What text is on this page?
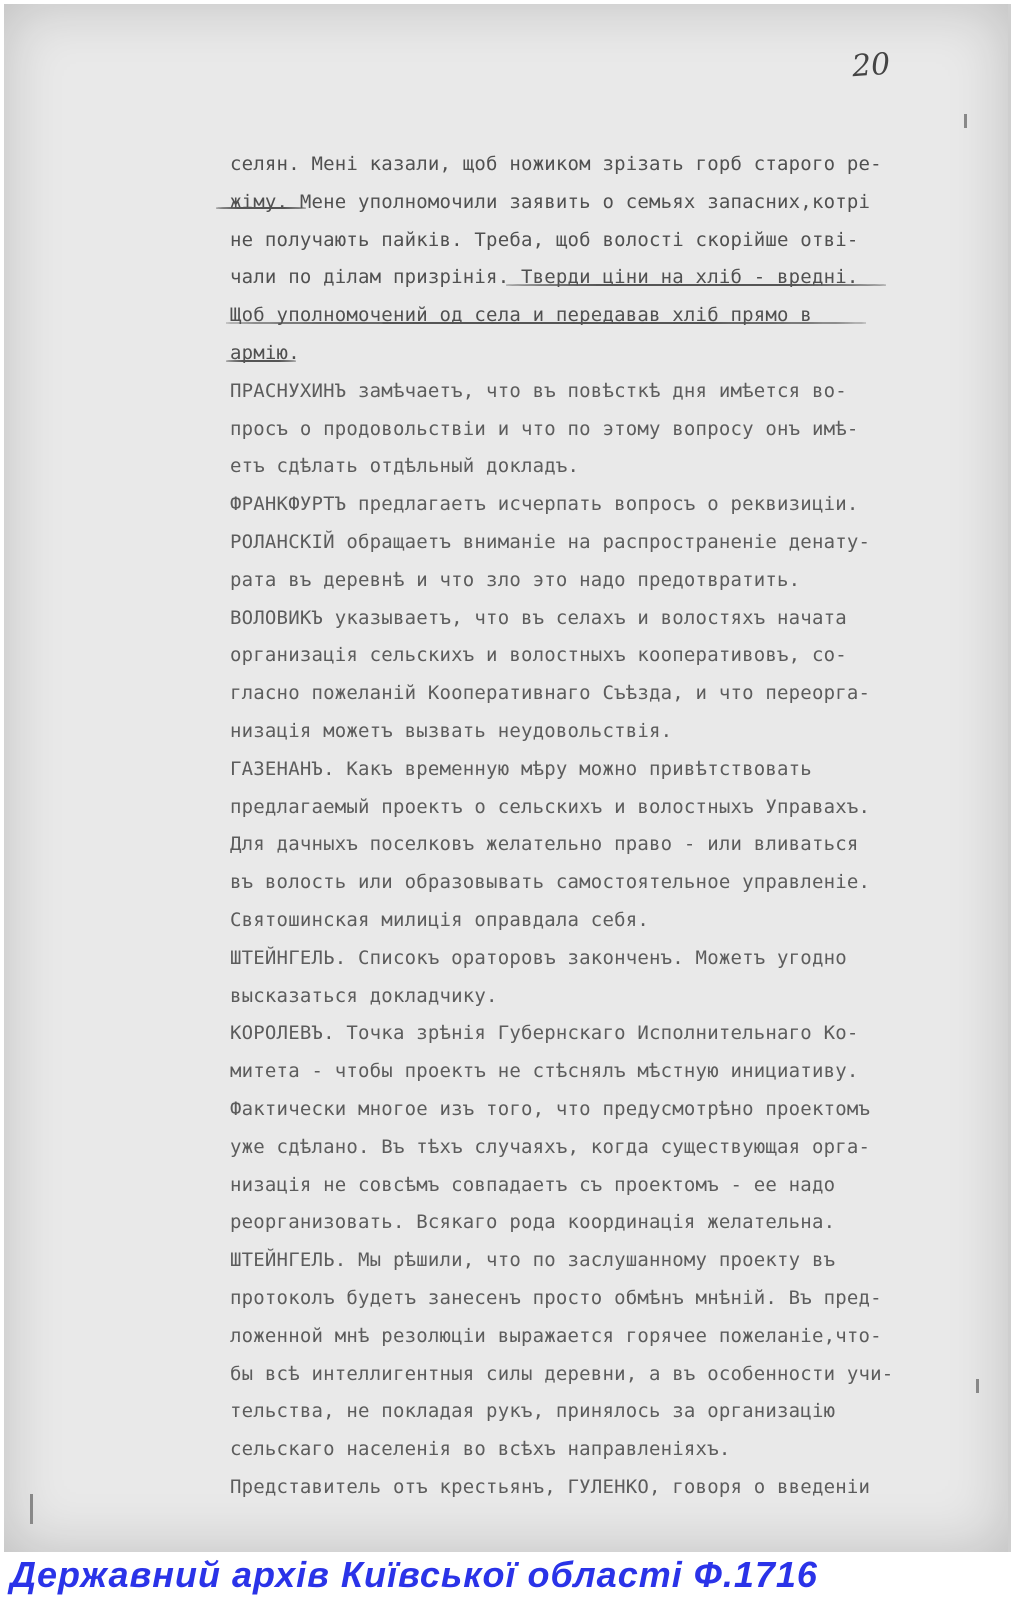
20
селян. Мені казали, щоб ножиком зрізать горб старого ре-
жіму. Мене уполномочили заявить о семьях запасних,котрі
не получають пайків. Треба, щоб волості скорійше отві-
чали по ділам призрінія. Тверди ціни на хліб - вредні.
Щоб уполномочений од села и передавав хліб прямо в
армію.
ПРАСНУХИНЪ замѣчаетъ, что въ повѣсткѣ дня имѣется во-
просъ о продовольствіи и что по этому вопросу онъ имѣ-
етъ сдѣлать отдѣльный докладъ.
ФРАНКФУРТЪ предлагаетъ исчерпать вопросъ о реквизиціи.
РОЛАНСКІЙ обращаетъ вниманіе на распространеніе денату-
рата въ деревнѣ и что зло это надо предотвратить.
ВОЛОВИКЪ указываетъ, что въ селахъ и волостяхъ начата
организація сельскихъ и волостныхъ кооперативовъ, со-
гласно пожеланій Кооперативнаго Съѣзда, и что переорга-
низація можетъ вызвать неудовольствія.
ГАЗЕНАНЪ. Какъ временную мѣру можно привѣтствовать
предлагаемый проектъ о сельскихъ и волостныхъ Управахъ.
Для дачныхъ поселковъ желательно право - или вливаться
въ волость или образовывать самостоятельное управленіе.
Святошинская милиція оправдала себя.
ШТЕЙНГЕЛЬ. Списокъ ораторовъ законченъ. Можетъ угодно
высказаться докладчику.
КОРОЛЕВЪ. Точка зрѣнія Губернскаго Исполнительнаго Ко-
митета - чтобы проектъ не стѣснялъ мѣстную инициативу.
Фактически многое изъ того, что предусмотрѣно проектомъ
уже сдѣлано. Въ тѣхъ случаяхъ, когда существующая орга-
низація не совсѣмъ совпадаетъ съ проектомъ - ее надо
реорганизовать. Всякаго рода координація желательна.
ШТЕЙНГЕЛЬ. Мы рѣшили, что по заслушанному проекту въ
протоколъ будетъ занесенъ просто обмѣнъ мнѣній. Въ пред-
ложенной мнѣ резолюціи выражается горячее пожеланіе,что-
бы всѣ интеллигентныя силы деревни, а въ особенности учи-
тельства, не покладая рукъ, принялось за организацію
сельскаго населенія во всѣхъ направленіяхъ.
Представитель отъ крестьянъ, ГУЛЕНКО, говоря о введеніи
Державний архів Київської області Ф.1716
